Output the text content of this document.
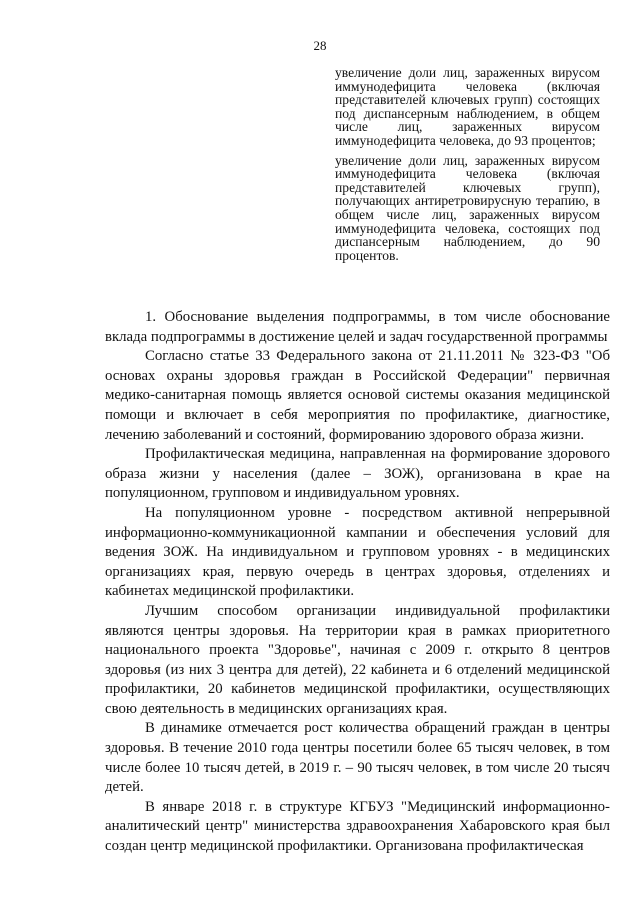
28

увеличение доли лиц, зараженных вирусом иммунодефицита человека (включая представителей ключевых групп) состоящих под диспансерным наблюдением, в общем числе лиц, зараженных вирусом иммунодефицита человека, до 93 процентов;

увеличение доли лиц, зараженных вирусом иммунодефицита человека (включая представителей ключевых групп), получающих антиретровирусную терапию, в общем числе лиц, зараженных вирусом иммунодефицита человека, состоящих под диспансерным наблюдением, до 90 процентов.

1. Обоснование выделения подпрограммы, в том числе обоснование вклада подпрограммы в достижение целей и задач государственной программы

Согласно статье 33 Федерального закона от 21.11.2011 № 323-ФЗ "Об основах охраны здоровья граждан в Российской Федерации" первичная медико-санитарная помощь является основой системы оказания медицинской помощи и включает в себя мероприятия по профилактике, диагностике, лечению заболеваний и состояний, формированию здорового образа жизни.

Профилактическая медицина, направленная на формирование здорового образа жизни у населения (далее – ЗОЖ), организована в крае на популяционном, групповом и индивидуальном уровнях.

На популяционном уровне - посредством активной непрерывной информационно-коммуникационной кампании и обеспечения условий для ведения ЗОЖ. На индивидуальном и групповом уровнях - в медицинских организациях края, первую очередь в центрах здоровья, отделениях и кабинетах медицинской профилактики.

Лучшим способом организации индивидуальной профилактики являются центры здоровья. На территории края в рамках приоритетного национального проекта "Здоровье", начиная с 2009 г. открыто 8 центров здоровья (из них 3 центра для детей), 22 кабинета и 6 отделений медицинской профилактики, 20 кабинетов медицинской профилактики, осуществляющих свою деятельность в медицинских организациях края.

В динамике отмечается рост количества обращений граждан в центры здоровья. В течение 2010 года центры посетили более 65 тысяч человек, в том числе более 10 тысяч детей, в 2019 г. – 90 тысяч человек, в том числе 20 тысяч детей.

В январе 2018 г. в структуре КГБУЗ "Медицинский информационно-аналитический центр" министерства здравоохранения Хабаровского края был создан центр медицинской профилактики. Организована профилактическая
